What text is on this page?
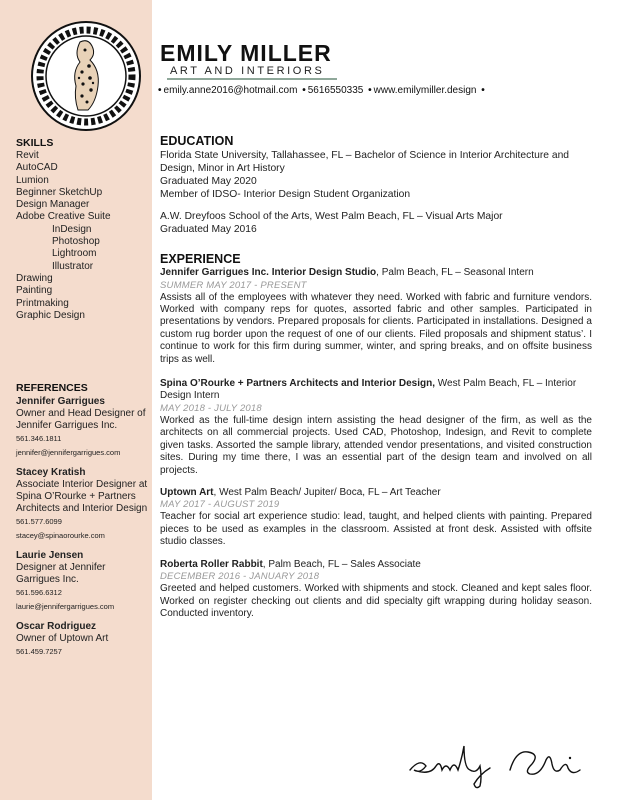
EMILY MILLER
ART AND INTERIORS
• emily.anne2016@hotmail.com • 5616550335 • www.emilymiller.design •
SKILLS
Revit
AutoCAD
Lumion
Beginner SketchUp
Design Manager
Adobe Creative Suite
InDesign
Photoshop
Lightroom
Illustrator
Drawing
Painting
Printmaking
Graphic Design
REFERENCES
Jennifer Garrigues
Owner and Head Designer of Jennifer Garrigues Inc.
561.346.1811
jennifer@jennifergarrigues.com
Stacey Kratish
Associate Interior Designer at Spina O’Rourke + Partners Architects and Interior Design
561.577.6099
stacey@spinaorourke.com
Laurie Jensen
Designer at Jennifer Garrigues Inc.
561.596.6312
laurie@jennifergarrigues.com
Oscar Rodriguez
Owner of Uptown Art
561.459.7257
EDUCATION

Florida State University, Tallahassee, FL – Bachelor of Science in Interior Architecture and Design, Minor in Art History

Graduated May 2020

Member of IDSO- Interior Design Student Organization

A.W. Dreyfoos School of the Arts, West Palm Beach, FL – Visual Arts Major

Graduated May 2016

EXPERIENCE
Jennifer Garrigues Inc. Interior Design Studio, Palm Beach, FL – Seasonal Intern
SUMMER MAY 2017 - PRESENT

Assists all of the employees with whatever they need. Worked with fabric and furniture vendors. Worked with company reps for quotes, assorted fabric and other samples. Participated in presentations by vendors. Prepared proposals for clients. Participated in installations. Designed a custom rug border upon the request of one of our clients. Filed proposals and shipment status’. I continue to work for this firm during summer, winter, and spring breaks, and on offsite business trips as well.

Spina O’Rourke + Partners Architects and Interior Design, West Palm Beach, FL – Interior Design Intern
MAY 2018 - JULY 2018

Worked as the full-time design intern assisting the head designer of the firm, as well as the architects on all commercial projects. Used CAD, Photoshop, Indesign, and Revit to complete given tasks. Assorted the sample library, attended vendor presentations, and visited construction sites. During my time there, I was an essential part of the design team and involved on all projects.

Uptown Art, West Palm Beach/ Jupiter/ Boca, FL – Art Teacher
MAY 2017 - AUGUST 2019

Teacher for social art experience studio: lead, taught, and helped clients with painting. Prepared pieces to be used as examples in the classroom. Assisted at front desk. Assisted with offsite studio classes.

Roberta Roller Rabbit, Palm Beach, FL – Sales Associate
DECEMBER 2016 - JANUARY 2018

Greeted and helped customers. Worked with shipments and stock. Cleaned and kept sales floor. Worked on register checking out clients and did specialty gift wrapping during holiday season. Conducted inventory.
